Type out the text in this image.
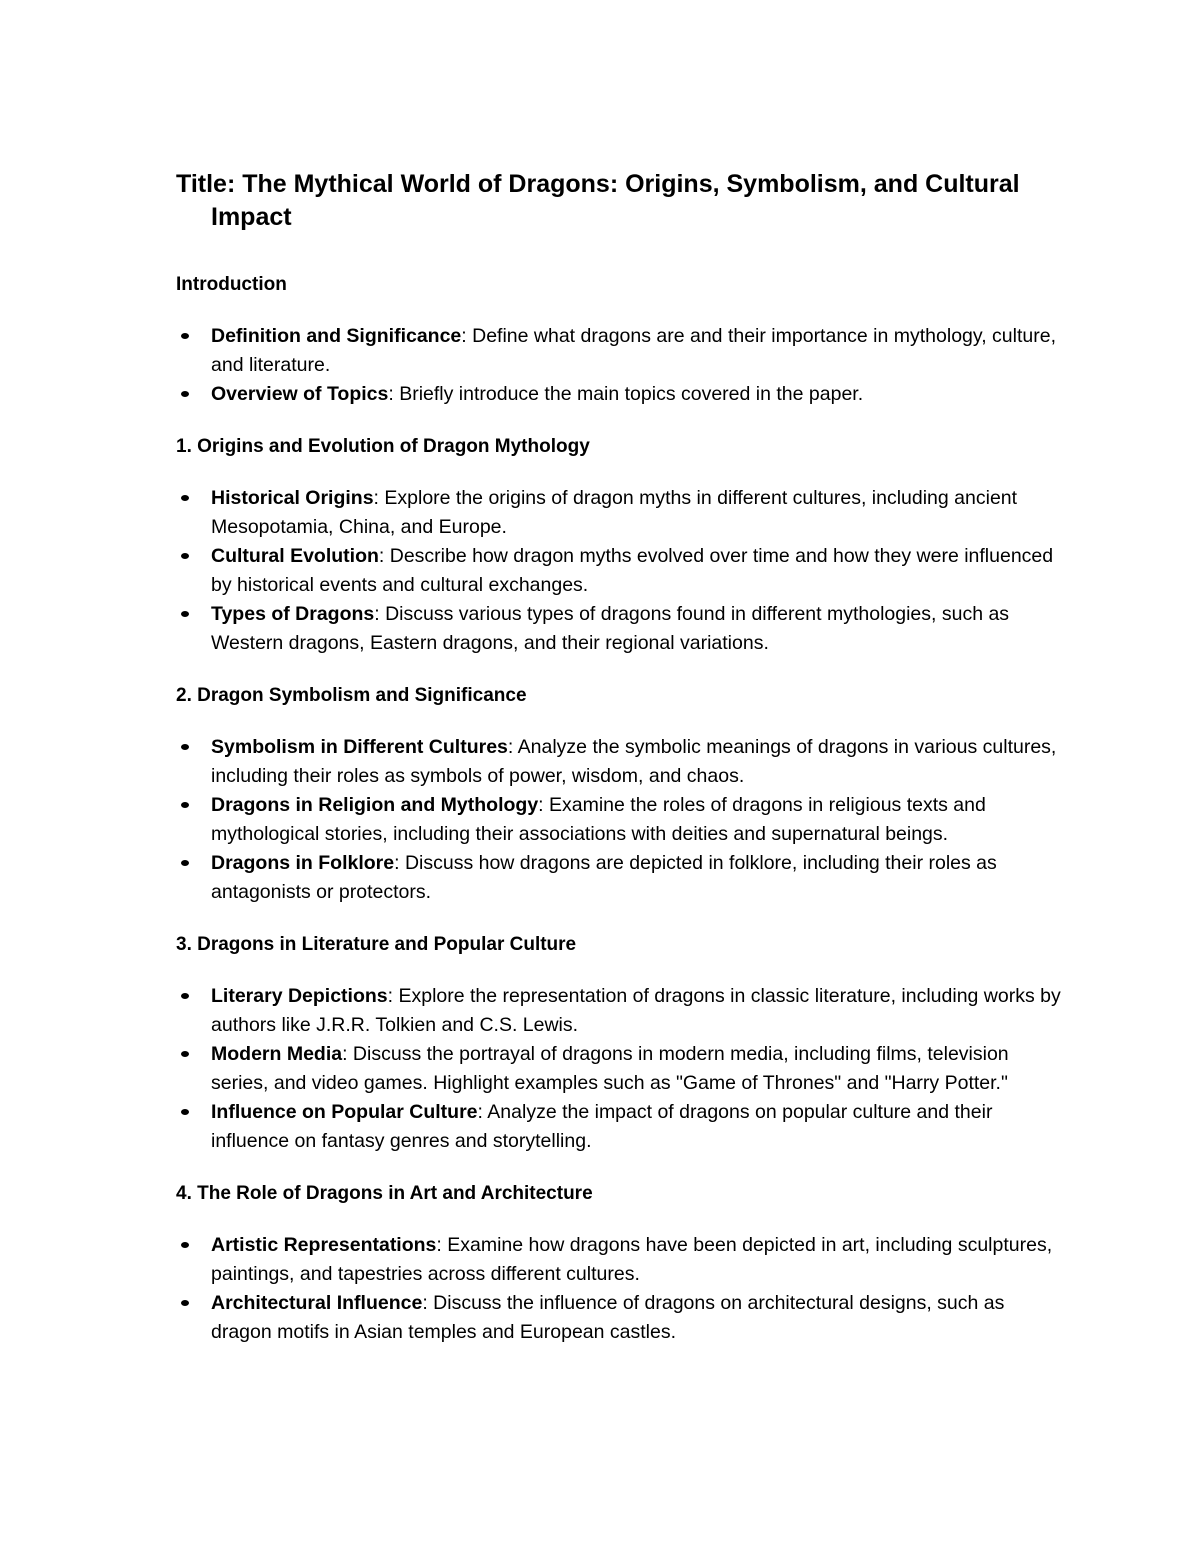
Title: The Mythical World of Dragons: Origins, Symbolism, and Cultural Impact
Introduction
Definition and Significance: Define what dragons are and their importance in mythology, culture, and literature.
Overview of Topics: Briefly introduce the main topics covered in the paper.
1. Origins and Evolution of Dragon Mythology
Historical Origins: Explore the origins of dragon myths in different cultures, including ancient Mesopotamia, China, and Europe.
Cultural Evolution: Describe how dragon myths evolved over time and how they were influenced by historical events and cultural exchanges.
Types of Dragons: Discuss various types of dragons found in different mythologies, such as Western dragons, Eastern dragons, and their regional variations.
2. Dragon Symbolism and Significance
Symbolism in Different Cultures: Analyze the symbolic meanings of dragons in various cultures, including their roles as symbols of power, wisdom, and chaos.
Dragons in Religion and Mythology: Examine the roles of dragons in religious texts and mythological stories, including their associations with deities and supernatural beings.
Dragons in Folklore: Discuss how dragons are depicted in folklore, including their roles as antagonists or protectors.
3. Dragons in Literature and Popular Culture
Literary Depictions: Explore the representation of dragons in classic literature, including works by authors like J.R.R. Tolkien and C.S. Lewis.
Modern Media: Discuss the portrayal of dragons in modern media, including films, television series, and video games. Highlight examples such as "Game of Thrones" and "Harry Potter."
Influence on Popular Culture: Analyze the impact of dragons on popular culture and their influence on fantasy genres and storytelling.
4. The Role of Dragons in Art and Architecture
Artistic Representations: Examine how dragons have been depicted in art, including sculptures, paintings, and tapestries across different cultures.
Architectural Influence: Discuss the influence of dragons on architectural designs, such as dragon motifs in Asian temples and European castles.
